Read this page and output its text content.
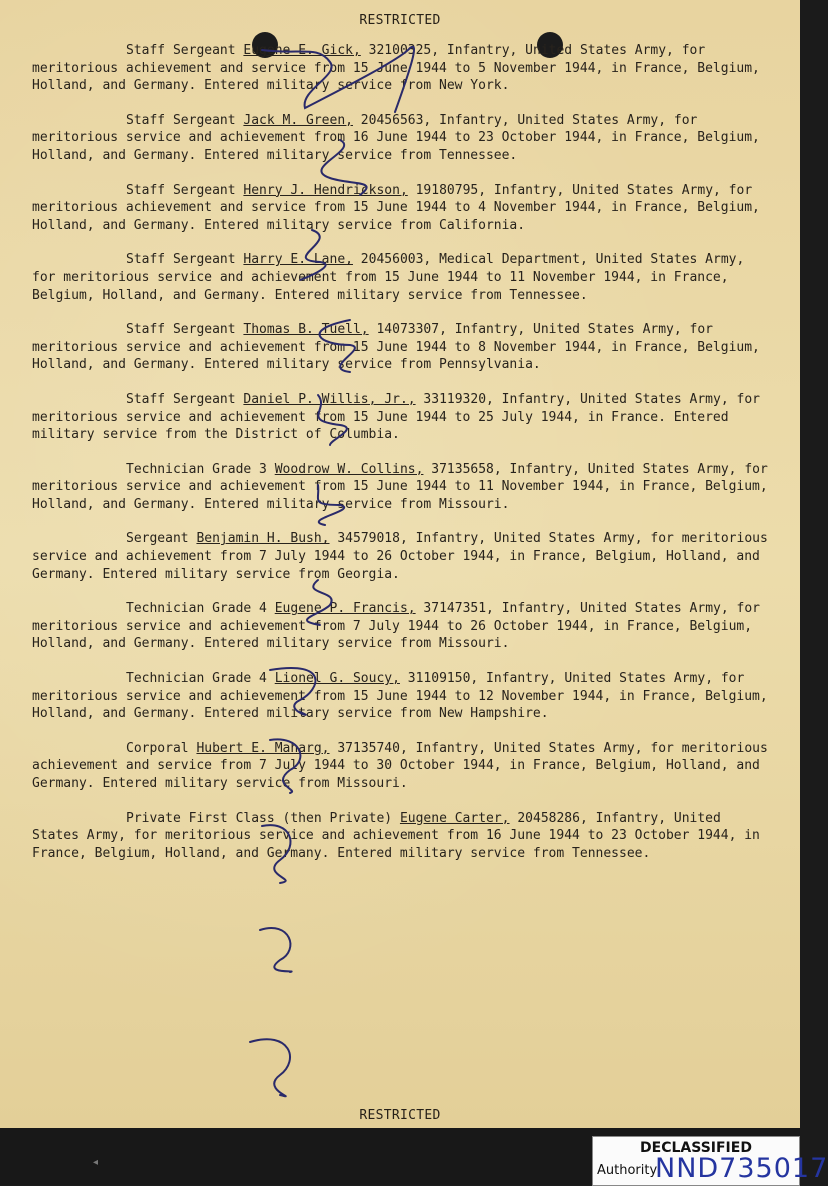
RESTRICTED

Staff Sergeant Eugene E. Gick, 32100325, Infantry, United States Army, for meritorious achievement and service from 15 June 1944 to 5 November 1944, in France, Belgium, Holland, and Germany. Entered military service from New York.

Staff Sergeant Jack M. Green, 20456563, Infantry, United States Army, for meritorious service and achievement from 16 June 1944 to 23 October 1944, in France, Belgium, Holland, and Germany. Entered military service from Tennessee.

Staff Sergeant Henry J. Hendrickson, 19180795, Infantry, United States Army, for meritorious achievement and service from 15 June 1944 to 4 November 1944, in France, Belgium, Holland, and Germany. Entered military service from California.

Staff Sergeant Harry E. Lane, 20456003, Medical Department, United States Army, for meritorious service and achievement from 15 June 1944 to 11 November 1944, in France, Belgium, Holland, and Germany. Entered military service from Tennessee.

Staff Sergeant Thomas B. Tuell, 14073307, Infantry, United States Army, for meritorious service and achievement from 15 June 1944 to 8 November 1944, in France, Belgium, Holland, and Germany. Entered military service from Pennsylvania.

Staff Sergeant Daniel P. Willis, Jr., 33119320, Infantry, United States Army, for meritorious service and achievement from 15 June 1944 to 25 July 1944, in France. Entered military service from the District of Columbia.

Technician Grade 3 Woodrow W. Collins, 37135658, Infantry, United States Army, for meritorious service and achievement from 15 June 1944 to 11 November 1944, in France, Belgium, Holland, and Germany. Entered military service from Missouri.

Sergeant Benjamin H. Bush, 34579018, Infantry, United States Army, for meritorious service and achievement from 7 July 1944 to 26 October 1944, in France, Belgium, Holland, and Germany. Entered military service from Georgia.

Technician Grade 4 Eugene P. Francis, 37147351, Infantry, United States Army, for meritorious service and achievement from 7 July 1944 to 26 October 1944, in France, Belgium, Holland, and Germany. Entered military service from Missouri.

Technician Grade 4 Lionel G. Soucy, 31109150, Infantry, United States Army, for meritorious service and achievement from 15 June 1944 to 12 November 1944, in France, Belgium, Holland, and Germany. Entered military service from New Hampshire.

Corporal Hubert E. Maharg, 37135740, Infantry, United States Army, for meritorious achievement and service from 7 July 1944 to 30 October 1944, in France, Belgium, Holland, and Germany. Entered military service from Missouri.

Private First Class (then Private) Eugene Carter, 20458286, Infantry, United States Army, for meritorious service and achievement from 16 June 1944 to 23 October 1944, in France, Belgium, Holland, and Germany. Entered military service from Tennessee.

RESTRICTED
◂
DECLASSIFIED
Authority
NND735017
